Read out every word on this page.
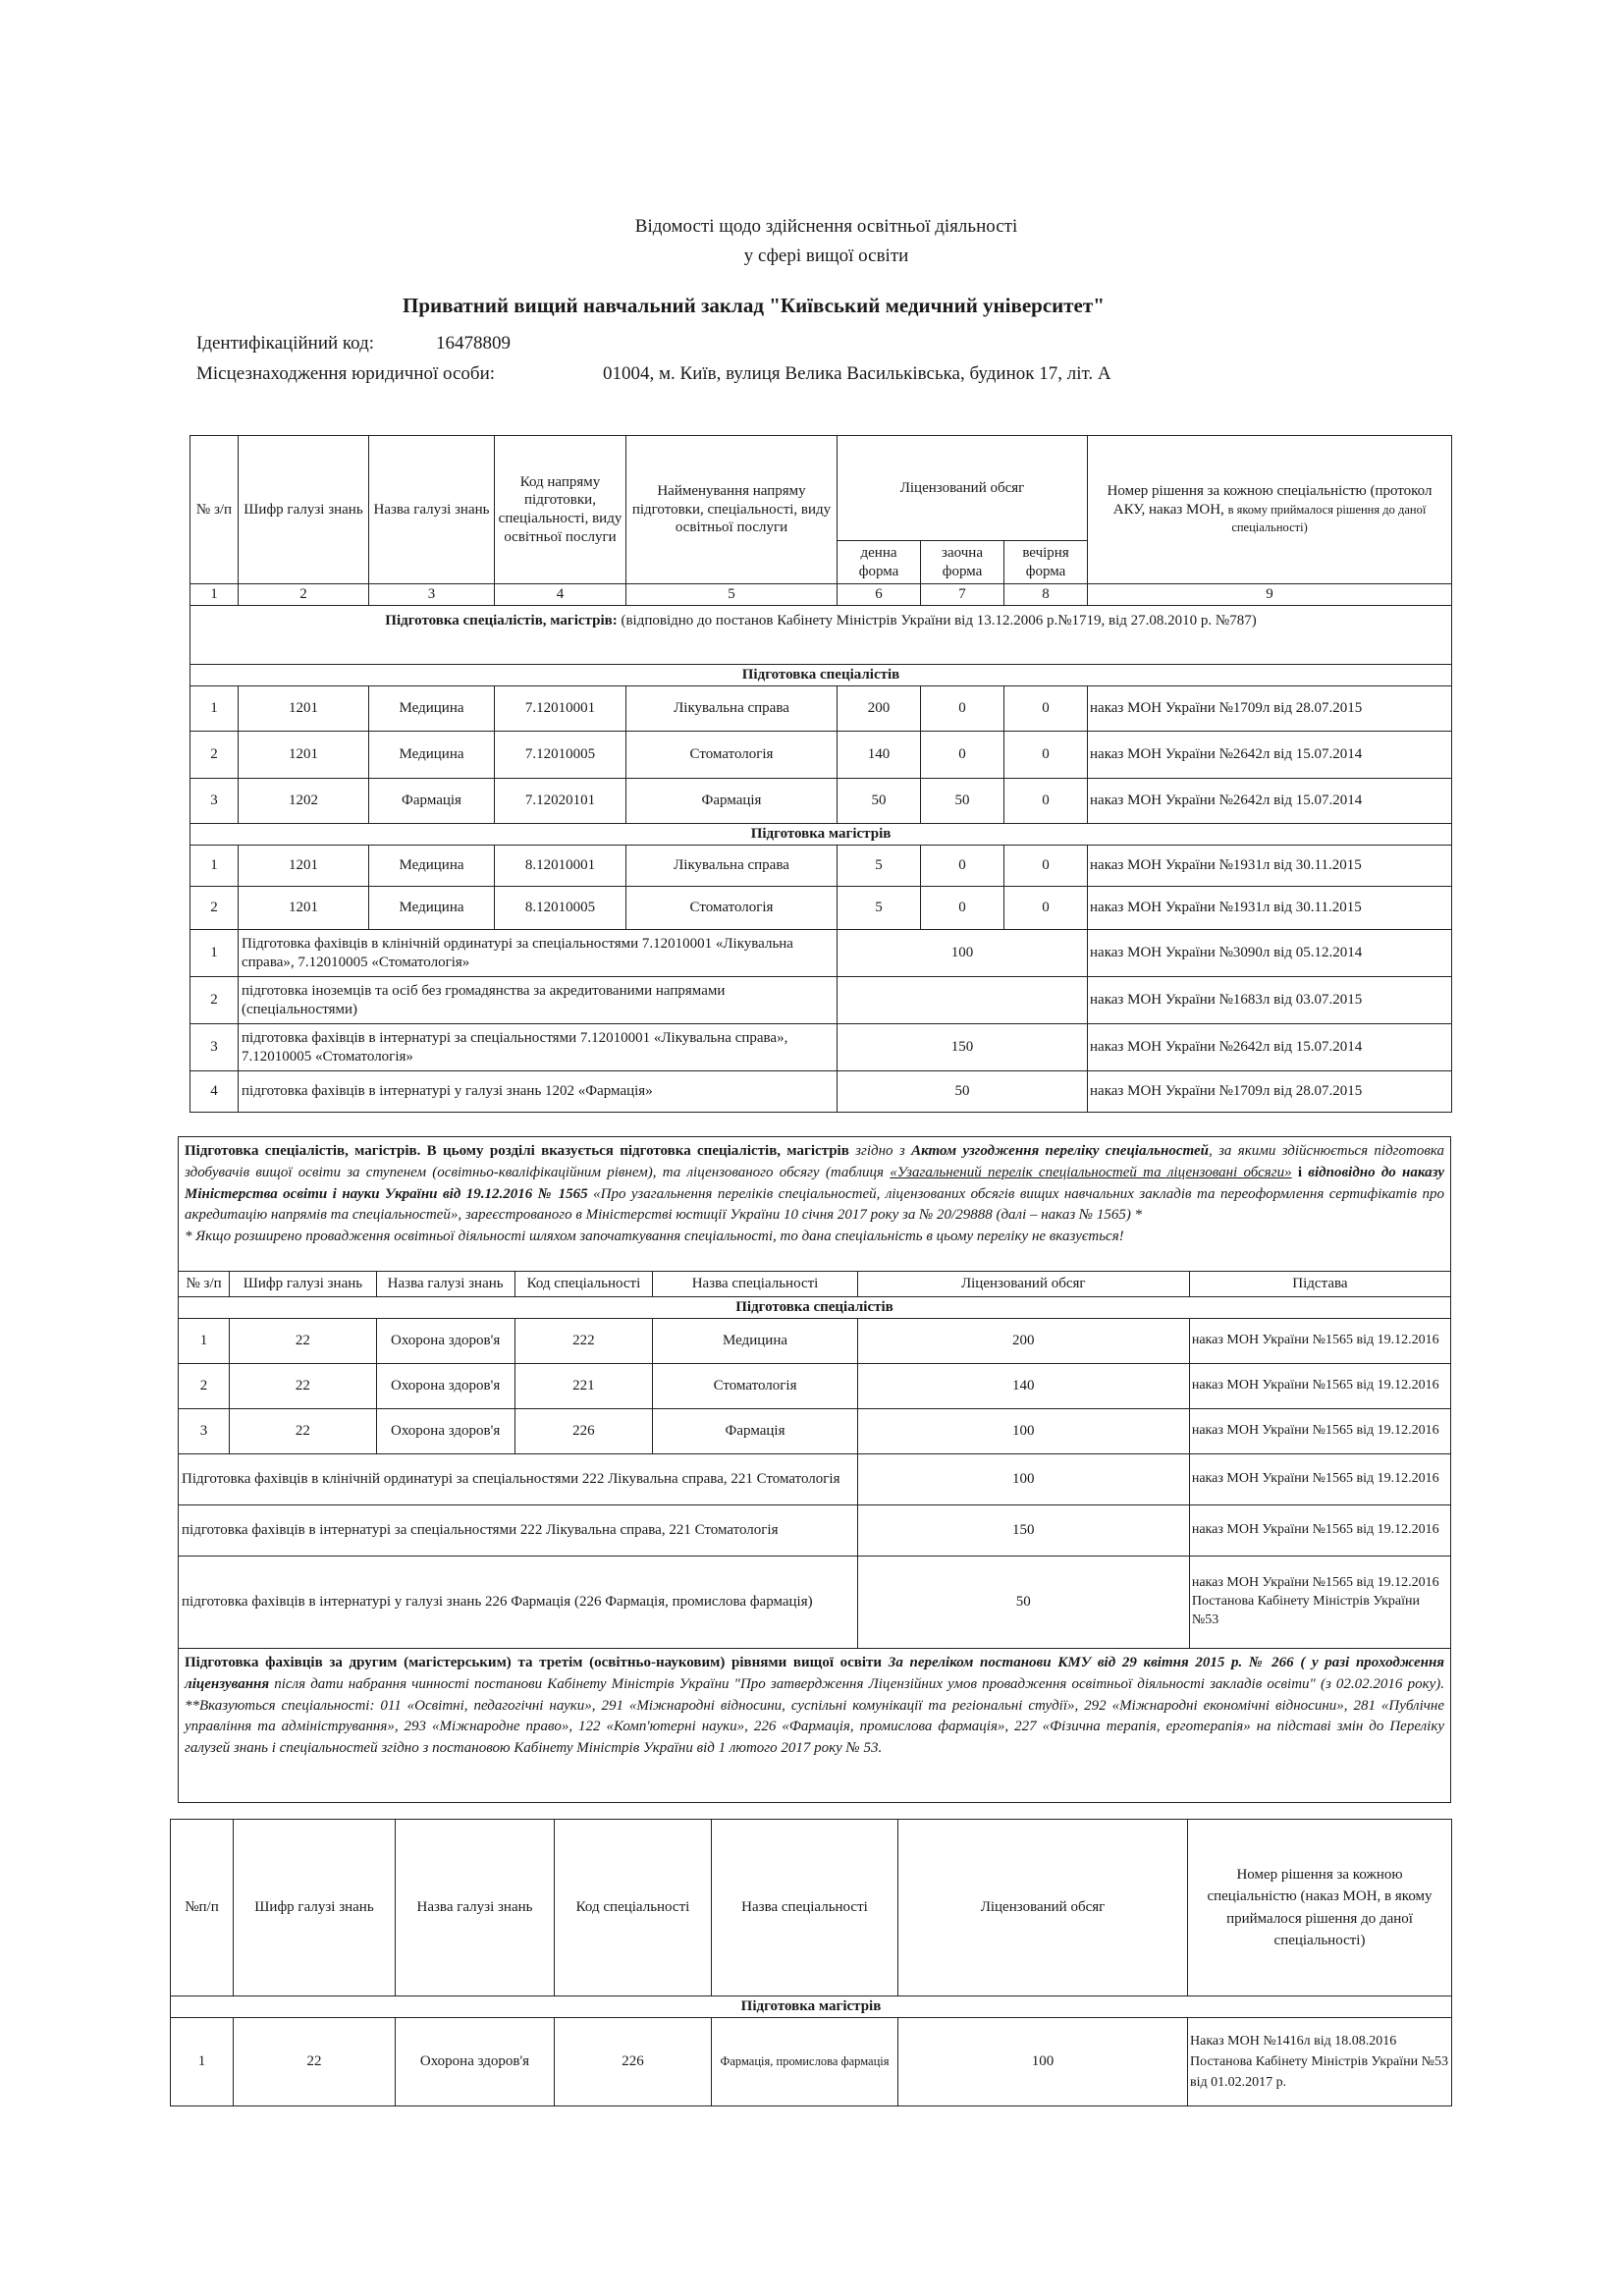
Відомості щодо здійснення освітньої діяльності
у сфері вищої освіти
Приватний вищий навчальний заклад "Київський медичний університет"
Ідентифікаційний код:	16478809
Місцезнаходження юридичної особи:	01004, м. Київ, вулиця Велика Васильківська, будинок 17, літ. А
№ з/п	Шифр галузі знань	Назва галузі знань	Код напряму підготовки, спеціальності, виду освітньої послуги	Найменування напряму підготовки, спеціальності, виду освітньої послуги	Ліцензований обсяг			Номер рішення за кожною спеціальністю (протокол АКУ, наказ МОН, в якому приймалося рішення до даної спеціальності)
					денна форма	заочна форма	вечірня форма	
1	2	3	4	5	6	7	8	9
Підготовка спеціалістів, магістрів: (відповідно до постанов Кабінету Міністрів України від 13.12.2006 р.№1719, від 27.08.2010 р. №787)								
Підготовка спеціалістів								
1	1201	Медицина	7.12010001	Лікувальна справа	200	0	0	наказ МОН України №1709л від 28.07.2015
2	1201	Медицина	7.12010005	Стоматологія	140	0	0	наказ МОН України №2642л від 15.07.2014
3	1202	Фармація	7.12020101	Фармація	50	50	0	наказ МОН України №2642л від 15.07.2014
Підготовка магістрів								
1	1201	Медицина	8.12010001	Лікувальна справа	5	0	0	наказ МОН України №1931л від 30.11.2015
2	1201	Медицина	8.12010005	Стоматологія	5	0	0	наказ МОН України №1931л від 30.11.2015
1	Підготовка фахівців в клінічній ординатурі за спеціальностями 7.12010001 «Лікувальна справа», 7.12010005 «Стоматологія»				100			наказ МОН України №3090л від 05.12.2014
2	підготовка іноземців та осіб без громадянства за акредитованими напрямами (спеціальностями)							наказ МОН України №1683л від 03.07.2015
3	підготовка фахівців в інтернатурі за спеціальностями 7.12010001 «Лікувальна справа», 7.12010005 «Стоматологія»				150			наказ МОН України №2642л від 15.07.2014
4	підготовка фахівців в інтернатурі у галузі знань 1202 «Фармація»				50			наказ МОН України №1709л від 28.07.2015
Підготовка спеціалістів, магістрів. В цьому розділі вказується підготовка спеціалістів, магістрів згідно з Актом узгодження переліку спеціальностей, за якими здійснюється підготовка здобувачів вищої освіти за ступенем (освітньо-кваліфікаційним рівнем), та ліцензованого обсягу (таблиця «Узагальнений перелік спеціальностей та ліцензовані обсяги» і відповідно до наказу Міністерства освіти і науки України від 19.12.2016 № 1565 «Про узагальнення переліків спеціальностей, ліцензованих обсягів вищих навчальних закладів та переоформлення сертифікатів про акредитацію напрямів та спеціальностей», зареєстрованого в Міністерстві юстиції України 10 січня 2017 року за № 20/29888 (далі – наказ № 1565) *
* Якщо розширено провадження освітньої діяльності шляхом започаткування спеціальності, то дана спеціальність в цьому переліку не вказується!						
№ з/п	Шифр галузі знань	Назва галузі знань	Код спеціальності	Назва спеціальності	Ліцензований обсяг	Підстава
Підготовка спеціалістів						
1	22	Охорона здоров'я	222	Медицина	200	наказ МОН України №1565 від 19.12.2016
2	22	Охорона здоров'я	221	Стоматологія	140	наказ МОН України №1565 від 19.12.2016
3	22	Охорона здоров'я	226	Фармація	100	наказ МОН України №1565 від 19.12.2016
Підготовка фахівців в клінічній ординатурі за спеціальностями 222 Лікувальна справа, 221 Стоматологія					100	наказ МОН України №1565 від 19.12.2016
підготовка фахівців в інтернатурі за спеціальностями 222 Лікувальна справа, 221 Стоматологія					150	наказ МОН України №1565 від 19.12.2016
підготовка фахівців в інтернатурі у галузі знань 226 Фармація (226 Фармація, промислова фармація)					50	наказ МОН України №1565 від 19.12.2016 Постанова Кабінету Міністрів України №53
Підготовка фахівців за другим (магістерським) та третім (освітньо-науковим) рівнями вищої освіти За переліком постанови КМУ від 29 квітня 2015 р. № 266 ( у разі проходження ліцензування після дати набрання чинності постанови Кабінету Міністрів України "Про затвердження Ліцензійних умов провадження освітньої діяльності закладів освіти" (з 02.02.2016 року). **Вказуються спеціальності: 011 «Освітні, педагогічні науки», 291 «Міжнародні відносини, суспільні комунікації та регіональні студії», 292 «Міжнародні економічні відносини», 281 «Публічне управління та адміністрування», 293 «Міжнародне право», 122 «Комп'ютерні науки», 226 «Фармація, промислова фармація», 227 «Фізична терапія, ерготерапія» на підставі змін до Переліку галузей знань і спеціальностей згідно з постановою Кабінету Міністрів України від 1 лютого 2017 року № 53.						
№п/п	Шифр галузі знань	Назва галузі знань	Код спеціальності	Назва спеціальності	Ліцензований обсяг	Номер рішення за кожною спеціальністю (наказ МОН, в якому приймалося рішення до даної спеціальності)
Підготовка магістрів						
1	22	Охорона здоров'я	226	Фармація, промислова фармація	100	Наказ МОН №1416л від 18.08.2016 Постанова Кабінету Міністрів України №53 від 01.02.2017 р.
